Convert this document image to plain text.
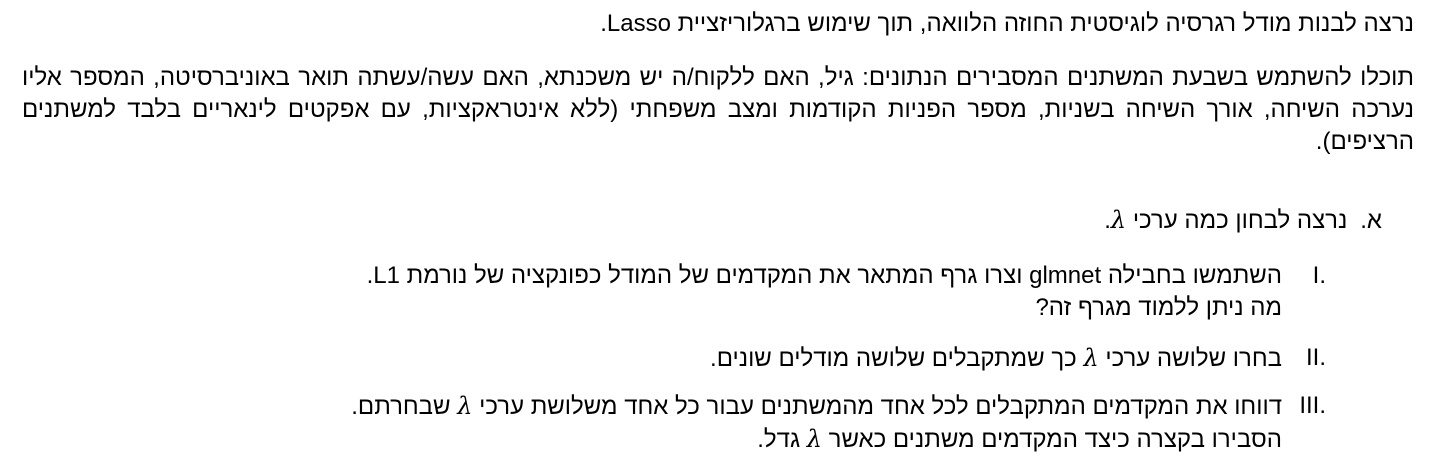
נרצה לבנות מודל רגרסיה לוגיסטית החוזה הלוואה, תוך שימוש ברגלוריזציית Lasso.

תוכלו להשתמש בשבעת המשתנים המסבירים הנתונים: גיל, האם ללקוח/ה יש משכנתא, האם עשה/עשתה תואר באוניברסיטה, המספר אליו נערכה השיחה, אורך השיחה בשניות, מספר הפניות הקודמות ומצב משפחתי (ללא אינטראקציות, עם אפקטים לינאריים בלבד למשתנים הרציפים).

א. נרצה לבחון כמה ערכי λ.
I.
השתמשו בחבילה glmnet וצרו גרף המתאר את המקדמים של המודל כפונקציה של נורמת L1.
מה ניתן ללמוד מגרף זה?
II.
בחרו שלושה ערכי λ כך שמתקבלים שלושה מודלים שונים.
III.
דווחו את המקדמים המתקבלים לכל אחד מהמשתנים עבור כל אחד משלושת ערכי λ שבחרתם.
הסבירו בקצרה כיצד המקדמים משתנים כאשר λ גדל.
